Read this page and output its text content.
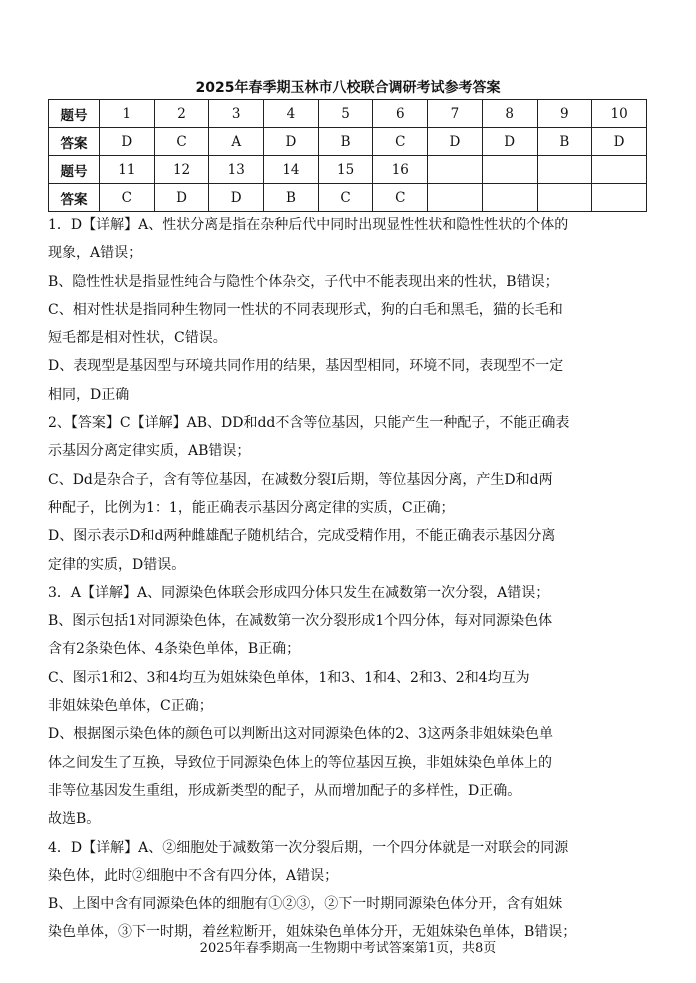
2025年春季期玉林市八校联合调研考试参考答案
题号	1	2	3	4	5	6	7	8	9	10
答案	D	C	A	D	B	C	D	D	B	D
题号	11	12	13	14	15	16				
答案	C	D	D	B	C	C				

1．D【详解】A、性状分离是指在杂种后代中同时出现显性性状和隐性性状的个体的

现象，A错误；

B、隐性性状是指显性纯合与隐性个体杂交，子代中不能表现出来的性状，B错误；

C、相对性状是指同种生物同一性状的不同表现形式，狗的白毛和黑毛，猫的长毛和

短毛都是相对性状，C错误。

D、表现型是基因型与环境共同作用的结果，基因型相同，环境不同，表现型不一定

相同，D正确

2、【答案】C【详解】AB、DD和dd不含等位基因，只能产生一种配子，不能正确表

示基因分离定律实质，AB错误；

C、Dd是杂合子，含有等位基因，在减数分裂Ⅰ后期，等位基因分离，产生D和d两

种配子，比例为1：1，能正确表示基因分离定律的实质，C正确；

D、图示表示D和d两种雌雄配子随机结合，完成受精作用，不能正确表示基因分离

定律的实质，D错误。

3．A【详解】A、同源染色体联会形成四分体只发生在减数第一次分裂，A错误；

B、图示包括1对同源染色体，在减数第一次分裂形成1个四分体，每对同源染色体

含有2条染色体、4条染色单体，B正确；

C、图示1和2、3和4均互为姐妹染色单体，1和3、1和4、2和3、2和4均互为

非姐妹染色单体，C正确；

D、根据图示染色体的颜色可以判断出这对同源染色体的2、3这两条非姐妹染色单

体之间发生了互换，导致位于同源染色体上的等位基因互换，非姐妹染色单体上的

非等位基因发生重组，形成新类型的配子，从而增加配子的多样性，D正确。

故选B。

4．D【详解】A、②细胞处于减数第一次分裂后期，一个四分体就是一对联会的同源

染色体，此时②细胞中不含有四分体，A错误；

B、上图中含有同源染色体的细胞有①②③，②下一时期同源染色体分开，含有姐妹

染色单体，③下一时期，着丝粒断开，姐妹染色单体分开，无姐妹染色单体，B错误；

2025年春季期高一生物期中考试答案第1页，共8页
